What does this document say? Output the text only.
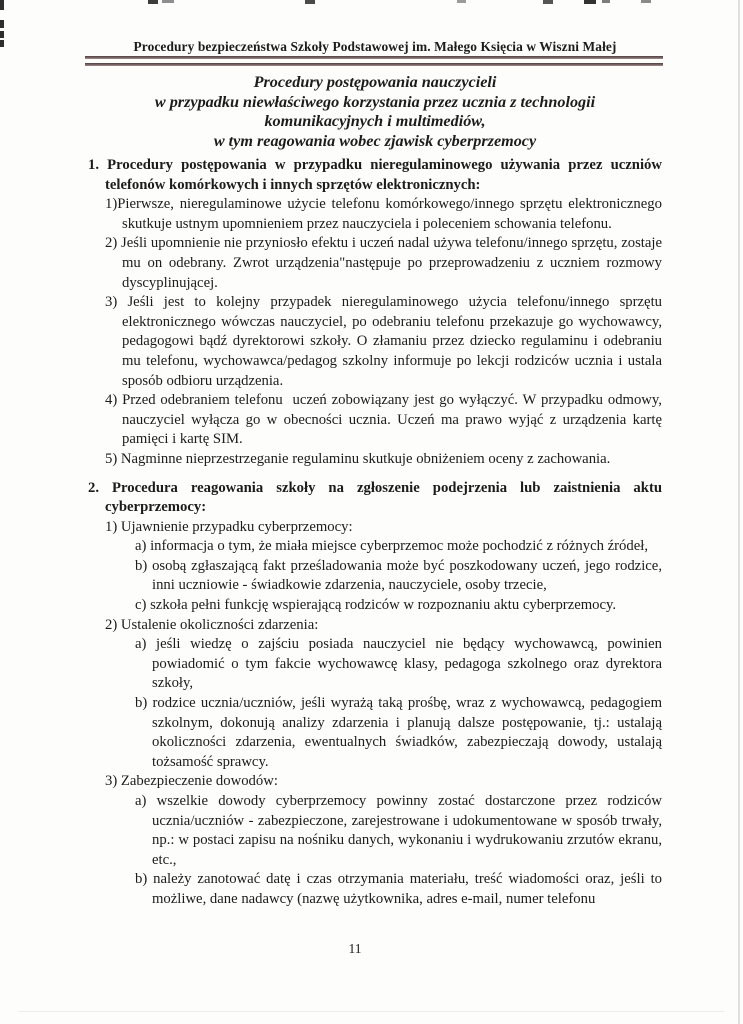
Procedury bezpieczeństwa Szkoły Podstawowej im. Małego Księcia w Wiszni Małej
Procedury postępowania nauczycieli
w przypadku niewłaściwego korzystania przez ucznia z technologii
komunikacyjnych i multimediów,
w tym reagowania wobec zjawisk cyberprzemocy
1. Procedury postępowania w przypadku nieregulaminowego używania przez uczniów telefonów komórkowych i innych sprzętów elektronicznych:
1)Pierwsze, nieregulaminowe użycie telefonu komórkowego/innego sprzętu elektronicznego skutkuje ustnym upomnieniem przez nauczyciela i poleceniem schowania telefonu.
2) Jeśli upomnienie nie przyniosło efektu i uczeń nadal używa telefonu/innego sprzętu, zostaje mu on odebrany. Zwrot urządzenia"następuje po przeprowadzeniu z uczniem rozmowy dyscyplinującej.
3) Jeśli jest to kolejny przypadek nieregulaminowego użycia telefonu/innego sprzętu elektronicznego wówczas nauczyciel, po odebraniu telefonu przekazuje go wychowawcy, pedagogowi bądź dyrektorowi szkoły. O złamaniu przez dziecko regulaminu i odebraniu mu telefonu, wychowawca/pedagog szkolny informuje po lekcji rodziców ucznia i ustala sposób odbioru urządzenia.
4) Przed odebraniem telefonu  uczeń zobowiązany jest go wyłączyć. W przypadku odmowy, nauczyciel wyłącza go w obecności ucznia. Uczeń ma prawo wyjąć z urządzenia kartę pamięci i kartę SIM.
5) Nagminne nieprzestrzeganie regulaminu skutkuje obniżeniem oceny z zachowania.
2. Procedura reagowania szkoły na zgłoszenie podejrzenia lub zaistnienia aktu cyberprzemocy:
1) Ujawnienie przypadku cyberprzemocy:
a) informacja o tym, że miała miejsce cyberprzemoc może pochodzić z różnych źródeł,
b) osobą zgłaszającą fakt prześladowania może być poszkodowany uczeń, jego rodzice, inni uczniowie - świadkowie zdarzenia, nauczyciele, osoby trzecie,
c) szkoła pełni funkcję wspierającą rodziców w rozpoznaniu aktu cyberprzemocy.
2) Ustalenie okoliczności zdarzenia:
a) jeśli wiedzę o zajściu posiada nauczyciel nie będący wychowawcą, powinien powiadomić o tym fakcie wychowawcę klasy, pedagoga szkolnego oraz dyrektora szkoły,
b) rodzice ucznia/uczniów, jeśli wyrażą taką prośbę, wraz z wychowawcą, pedagogiem szkolnym, dokonują analizy zdarzenia i planują dalsze postępowanie, tj.: ustalają okoliczności zdarzenia, ewentualnych świadków, zabezpieczają dowody, ustalają tożsamość sprawcy.
3) Zabezpieczenie dowodów:
a) wszelkie dowody cyberprzemocy powinny zostać dostarczone przez rodziców ucznia/uczniów - zabezpieczone, zarejestrowane i udokumentowane w sposób trwały, np.: w postaci zapisu na nośniku danych, wykonaniu i wydrukowaniu zrzutów ekranu, etc.,
b) należy zanotować datę i czas otrzymania materiału, treść wiadomości oraz, jeśli to możliwe, dane nadawcy (nazwę użytkownika, adres e-mail, numer telefonu
11
